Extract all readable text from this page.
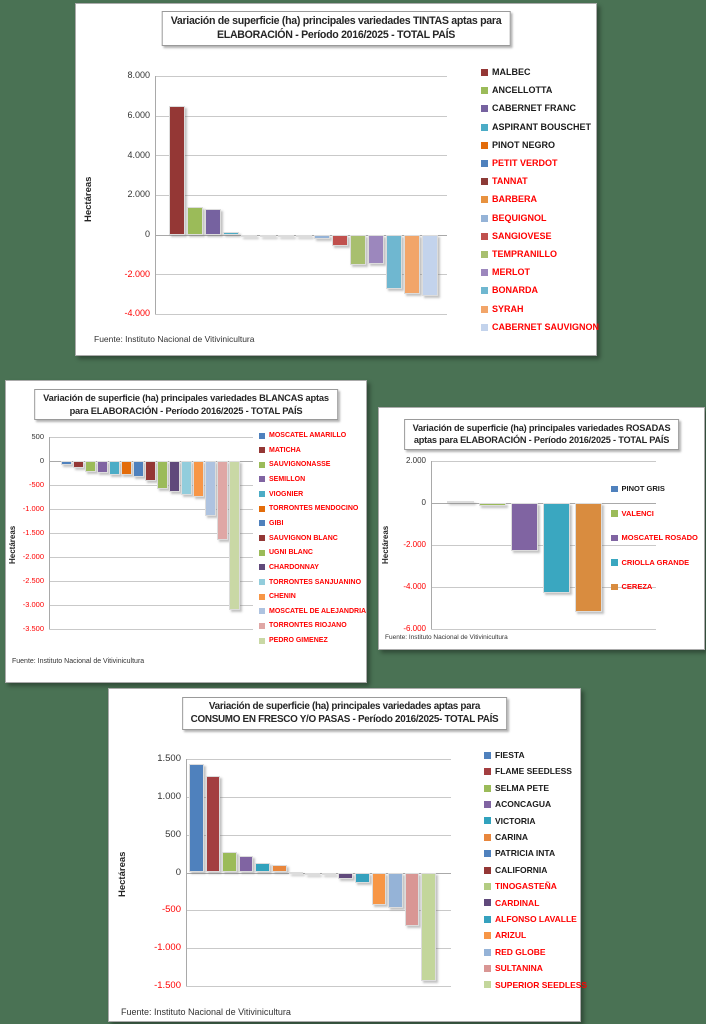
Variación de superficie (ha) principales variedades TINTAS aptas para
ELABORACIÓN - Período 2016/2025 - TOTAL PAÍS
Hectáreas
Fuente: Instituto Nacional de Vitivinicultura
8.000
6.000
4.000
2.000
0
-2.000
-4.000
MALBEC
ANCELLOTTA
CABERNET FRANC
ASPIRANT BOUSCHET
PINOT NEGRO
PETIT VERDOT
TANNAT
BARBERA
BEQUIGNOL
SANGIOVESE
TEMPRANILLO
MERLOT
BONARDA
SYRAH
CABERNET SAUVIGNON
Variación de superficie (ha) principales variedades BLANCAS aptas
para ELABORACIÓN - Período 2016/2025 - TOTAL PAÍS
Hectáreas
Fuente: Instituto Nacional de Vitivinicultura
500
0
-500
-1.000
-1.500
-2.000
-2.500
-3.000
-3.500
MOSCATEL AMARILLO
MATICHA
SAUVIGNONASSE
SEMILLON
VIOGNIER
TORRONTES MENDOCINO
GIBI
SAUVIGNON BLANC
UGNI BLANC
CHARDONNAY
TORRONTES SANJUANINO
CHENIN
MOSCATEL DE ALEJANDRIA
TORRONTES RIOJANO
PEDRO GIMENEZ
Variación de superficie (ha) principales variedades ROSADAS
aptas para ELABORACIÓN - Período 2016/2025 - TOTAL PAÍS
Hectáreas
Fuente: Instituto Nacional de Vitivinicultura
2.000
0
-2.000
-4.000
-6.000
PINOT GRIS
VALENCI
MOSCATEL ROSADO
CRIOLLA GRANDE
CEREZA
Variación de superficie (ha) principales variedades aptas para
CONSUMO EN FRESCO Y/O PASAS - Período 2016/2025- TOTAL PAÍS
Hectáreas
Fuente: Instituto Nacional de Vitivinicultura
1.500
1.000
500
0
-500
-1.000
-1.500
FIESTA
FLAME SEEDLESS
SELMA PETE
ACONCAGUA
VICTORIA
CARINA
PATRICIA INTA
CALIFORNIA
TINOGASTEÑA
CARDINAL
ALFONSO LAVALLE
ARIZUL
RED GLOBE
SULTANINA
SUPERIOR SEEDLESS
